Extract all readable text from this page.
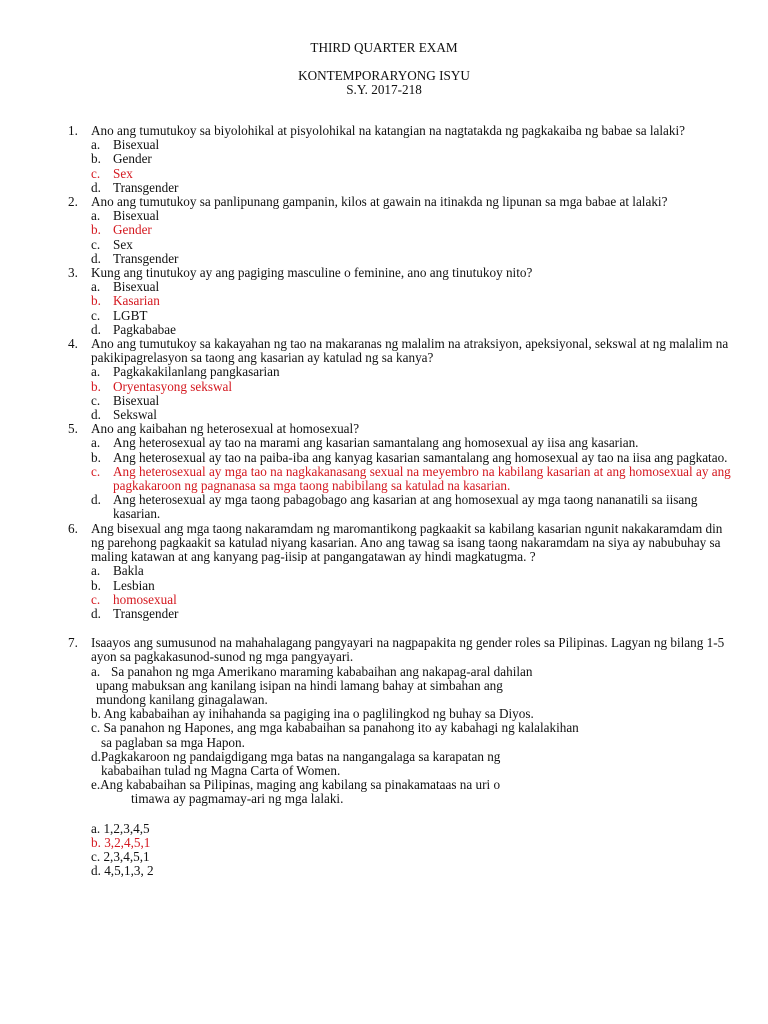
THIRD QUARTER EXAM
KONTEMPORARYONG ISYU
S.Y. 2017-218
1. Ano ang tumutukoy sa biyolohikal at pisyolohikal na katangian na nagtatakda ng pagkakaiba ng babae sa lalaki?
a. Bisexual
b. Gender
c. Sex
d. Transgender
2. Ano ang tumutukoy sa panlipunang gampanin, kilos at gawain na itinakda ng lipunan sa mga babae at lalaki?
a. Bisexual
b. Gender
c. Sex
d. Transgender
3. Kung ang tinutukoy ay ang pagiging masculine o feminine, ano ang tinutukoy nito?
a. Bisexual
b. Kasarian
c. LGBT
d. Pagkababae
4. Ano ang tumutukoy sa kakayahan ng tao na makaranas ng malalim na atraksiyon, apeksiyonal, sekswal at ng malalim na pakikipagrelasyon sa taong ang kasarian ay katulad ng sa kanya?
a. Pagkakakilanlang pangkasarian
b. Oryentasyong sekswal
c. Bisexual
d. Sekswal
5. Ano ang kaibahan ng heterosexual at homosexual?
a. Ang heterosexual ay tao na marami ang kasarian samantalang ang homosexual ay iisa ang kasarian.
b. Ang heterosexual ay tao na paiba-iba ang kanyag kasarian samantalang ang homosexual ay tao na iisa ang pagkatao.
c. Ang heterosexual ay mga tao na nagkakanasang sexual na meyembro na kabilang kasarian at ang homosexual ay ang pagkakaroon ng pagnanasa sa mga taong nabibilang sa katulad na kasarian.
d. Ang heterosexual ay mga taong pabagobago ang kasarian at ang homosexual ay mga taong nananatili sa iisang kasarian.
6. Ang bisexual ang mga taong nakaramdam ng maromantikong pagkaakit sa kabilang kasarian ngunit nakakaramdam din ng parehong pagkaakit sa katulad niyang kasarian. Ano ang tawag sa isang taong nakaramdam na siya ay nabubuhay sa maling katawan at ang kanyang pag-iisip at pangangatawan ay hindi magkatugma. ?
a. Bakla
b. Lesbian
c. homosexual
d. Transgender
7. Isaayos ang sumusunod na mahahalagang pangyayari na nagpapakita ng gender roles sa Pilipinas. Lagyan ng bilang 1-5 ayon sa pagkakasunod-sunod ng mga pangyayari.
a. Sa panahon ng mga Amerikano maraming kababaihan ang nakapag-aral dahilan
upang mabuksan ang kanilang isipan na hindi lamang bahay at simbahan ang
mundong kanilang ginagalawan.
b. Ang kababaihan ay inihahanda sa pagiging ina o paglilingkod ng buhay sa Diyos.
c. Sa panahon ng Hapones, ang mga kababaihan sa panahong ito ay kabahagi ng kalalakihan
sa paglaban sa mga Hapon.
d.Pagkakaroon ng pandaigdigang mga batas na nangangalaga sa karapatan ng
kababaihan tulad ng Magna Carta of Women.
e.Ang kababaihan sa Pilipinas, maging ang kabilang sa pinakamataas na uri o
timawa ay pagmamay-ari ng mga lalaki.
a. 1,2,3,4,5
b. 3,2,4,5,1
c. 2,3,4,5,1
d. 4,5,1,3, 2
